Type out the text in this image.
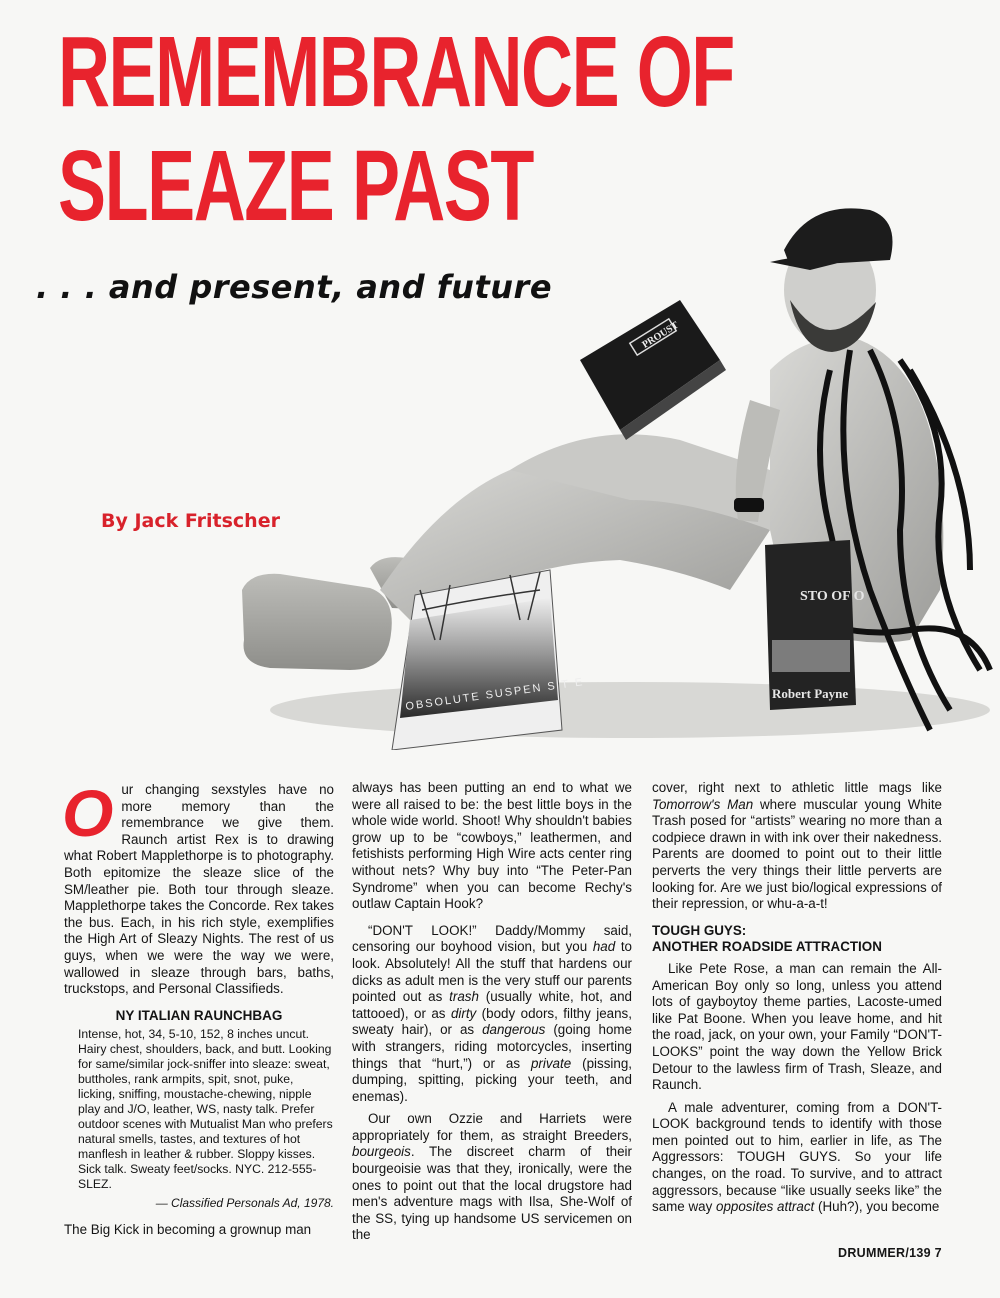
REMEMBRANCE OF
SLEAZE PAST
. . . and present, and future
PROUST
OBSOLUTE SUSPEN S T E
STO OF O
Robert Payne
By Jack Fritscher

Our changing sexstyles have no more memory than the remembrance we give them. Raunch artist Rex is to drawing what Robert Mapplethorpe is to photography. Both epitomize the sleaze slice of the SM/leather pie. Both tour through sleaze. Mapplethorpe takes the Concorde. Rex takes the bus. Each, in his rich style, exemplifies the High Art of Sleazy Nights. The rest of us guys, when we were the way we were, wallowed in sleaze through bars, baths, truckstops, and Personal Classifieds.

NY ITALIAN RAUNCHBAG
Intense, hot, 34, 5-10, 152, 8 inches uncut. Hairy chest, shoulders, back, and butt. Looking for same/similar jock-sniffer into sleaze: sweat, buttholes, rank armpits, spit, snot, puke, licking, sniffing, moustache-chewing, nipple play and J/O, leather, WS, nasty talk. Prefer outdoor scenes with Mutualist Man who prefers natural smells, tastes, and textures of hot manflesh in leather & rubber. Sloppy kisses. Sick talk. Sweaty feet/socks. NYC. 212-555-SLEZ.
— Classified Personals Ad, 1978.

The Big Kick in becoming a grownup man

always has been putting an end to what we were all raised to be: the best little boys in the whole wide world. Shoot! Why shouldn't babies grow up to be “cowboys,” leathermen, and fetishists performing High Wire acts center ring without nets? Why buy into “The Peter-Pan Syndrome” when you can become Rechy's outlaw Captain Hook?

“DON'T LOOK!” Daddy/Mommy said, censoring our boyhood vision, but you had to look. Absolutely! All the stuff that hardens our dicks as adult men is the very stuff our parents pointed out as trash (usually white, hot, and tattooed), or as dirty (body odors, filthy jeans, sweaty hair), or as dangerous (going home with strangers, riding motorcycles, inserting things that “hurt,”) or as private (pissing, dumping, spitting, picking your teeth, and enemas).

Our own Ozzie and Harriets were appropriately for them, as straight Breeders, bourgeois. The discreet charm of their bourgeoisie was that they, ironically, were the ones to point out that the local drugstore had men's adventure mags with Ilsa, She-Wolf of the SS, tying up handsome US servicemen on the

cover, right next to athletic little mags like Tomorrow's Man where muscular young White Trash posed for “artists” wearing no more than a codpiece drawn in with ink over their nakedness. Parents are doomed to point out to their little perverts the very things their little perverts are looking for. Are we just bio/logical expressions of their repression, or whu-a-a-t!

TOUGH GUYS:
ANOTHER ROADSIDE ATTRACTION

Like Pete Rose, a man can remain the All-American Boy only so long, unless you attend lots of gayboytoy theme parties, Lacoste-umed like Pat Boone. When you leave home, and hit the road, jack, on your own, your Family “DON'T-LOOKS” point the way down the Yellow Brick Detour to the lawless firm of Trash, Sleaze, and Raunch.

A male adventurer, coming from a DON'T-LOOK background tends to identify with those men pointed out to him, earlier in life, as The Aggressors: TOUGH GUYS. So your life changes, on the road. To survive, and to attract aggressors, because “like usually seeks like” the same way opposites attract (Huh?), you become

DRUMMER/139 7
